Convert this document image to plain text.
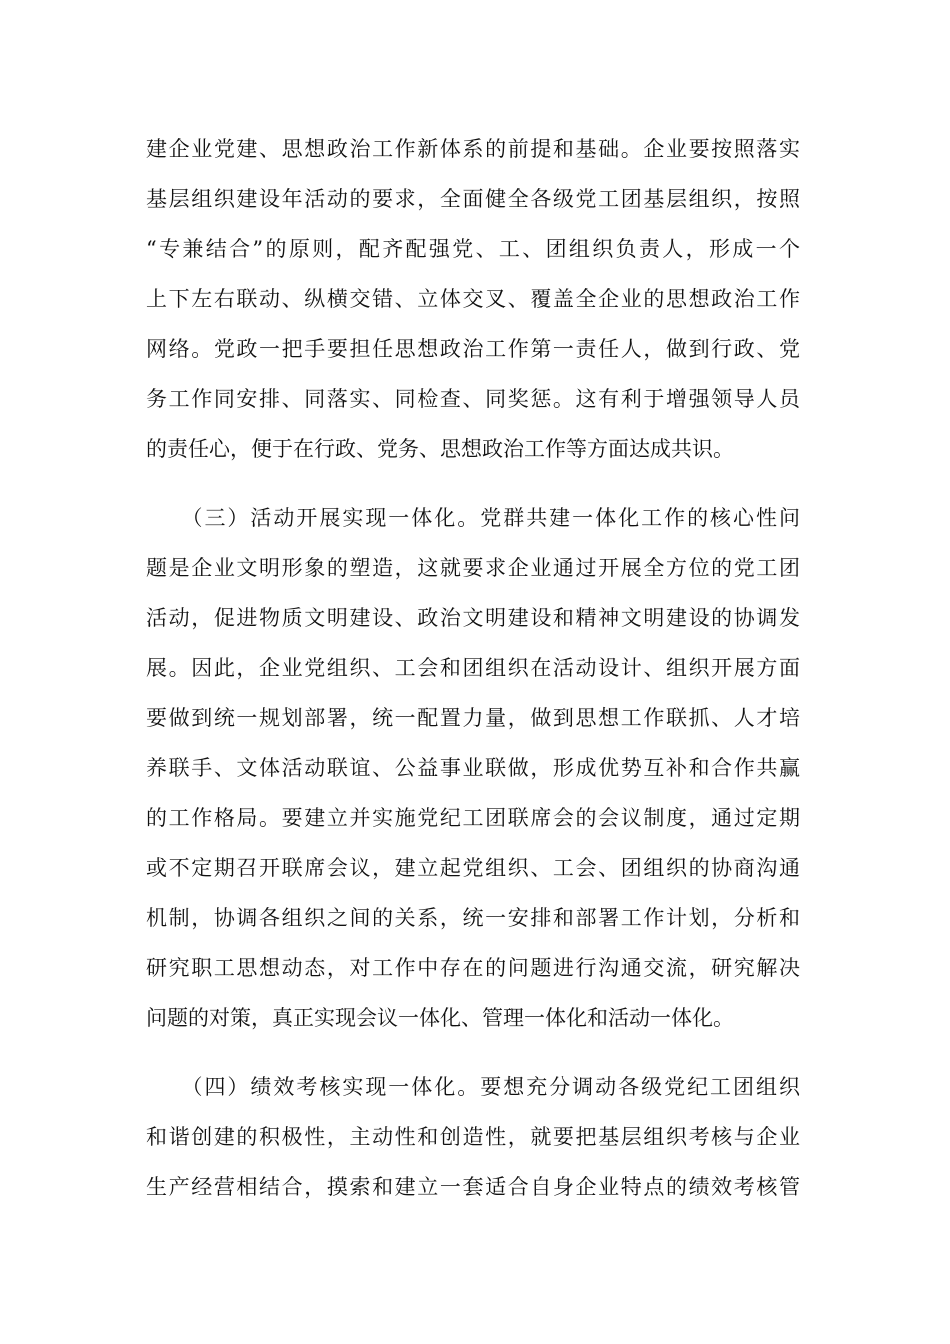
建企业党建、思想政治工作新体系的前提和基础。企业要按照落实
基层组织建设年活动的要求，全面健全各级党工团基层组织，按照
“专兼结合”的原则，配齐配强党、工、团组织负责人，形成一个
上下左右联动、纵横交错、立体交叉、覆盖全企业的思想政治工作
网络。党政一把手要担任思想政治工作第一责任人，做到行政、党
务工作同安排、同落实、同检查、同奖惩。这有利于增强领导人员
的责任心，便于在行政、党务、思想政治工作等方面达成共识。
　　（三）活动开展实现一体化。党群共建一体化工作的核心性问
题是企业文明形象的塑造，这就要求企业通过开展全方位的党工团
活动，促进物质文明建设、政治文明建设和精神文明建设的协调发
展。因此，企业党组织、工会和团组织在活动设计、组织开展方面
要做到统一规划部署，统一配置力量，做到思想工作联抓、人才培
养联手、文体活动联谊、公益事业联做，形成优势互补和合作共赢
的工作格局。要建立并实施党纪工团联席会的会议制度，通过定期
或不定期召开联席会议，建立起党组织、工会、团组织的协商沟通
机制，协调各组织之间的关系，统一安排和部署工作计划，分析和
研究职工思想动态，对工作中存在的问题进行沟通交流，研究解决
问题的对策，真正实现会议一体化、管理一体化和活动一体化。
　　（四）绩效考核实现一体化。要想充分调动各级党纪工团组织
和谐创建的积极性，主动性和创造性，就要把基层组织考核与企业
生产经营相结合，摸索和建立一套适合自身企业特点的绩效考核管
